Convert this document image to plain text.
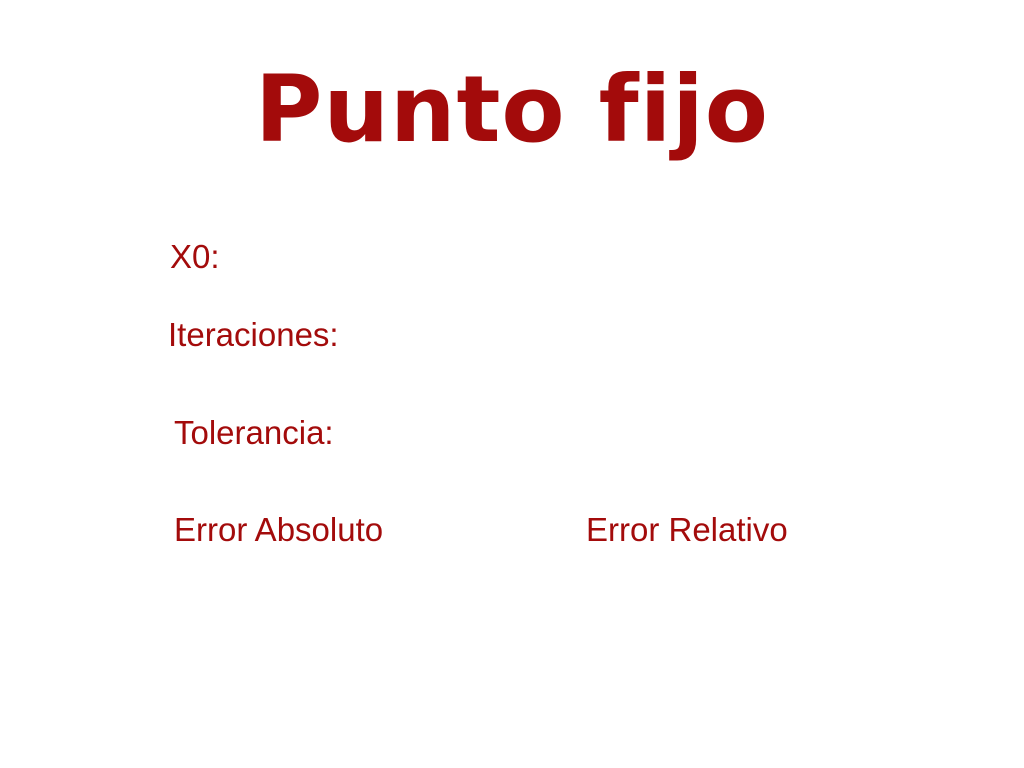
Punto fijo
X0:
Iteraciones:
Tolerancia:
Error Absoluto	Error Relativo
